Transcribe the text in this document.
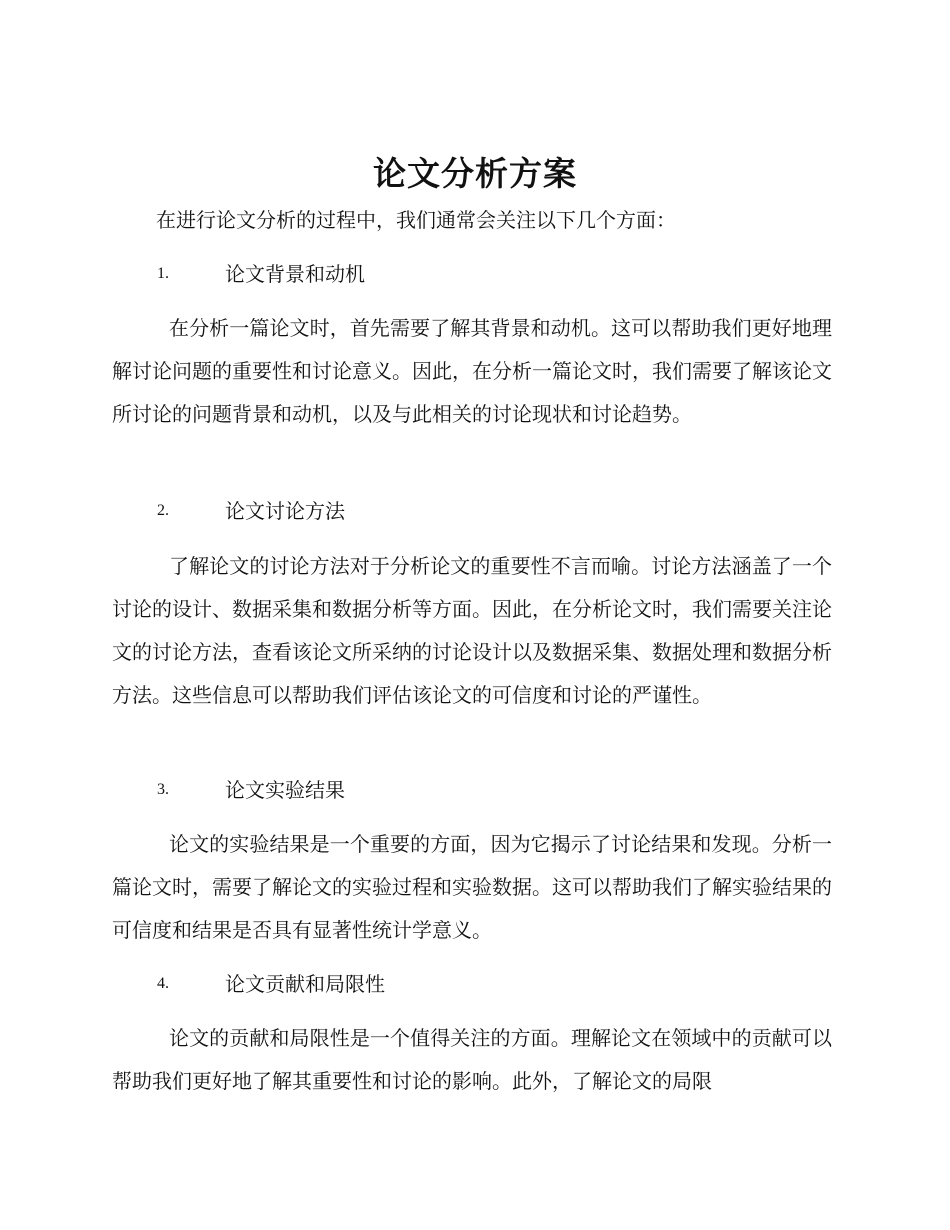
论文分析方案
在进行论文分析的过程中，我们通常会关注以下几个方面：
1.	论文背景和动机
在分析一篇论文时，首先需要了解其背景和动机。这可以帮助我们更好地理解讨论问题的重要性和讨论意义。因此，在分析一篇论文时，我们需要了解该论文所讨论的问题背景和动机，以及与此相关的讨论现状和讨论趋势。
2.	论文讨论方法
了解论文的讨论方法对于分析论文的重要性不言而喻。讨论方法涵盖了一个讨论的设计、数据采集和数据分析等方面。因此，在分析论文时，我们需要关注论文的讨论方法，查看该论文所采纳的讨论设计以及数据采集、数据处理和数据分析方法。这些信息可以帮助我们评估该论文的可信度和讨论的严谨性。
3.	论文实验结果
论文的实验结果是一个重要的方面，因为它揭示了讨论结果和发现。分析一篇论文时，需要了解论文的实验过程和实验数据。这可以帮助我们了解实验结果的可信度和结果是否具有显著性统计学意义。
4.	论文贡献和局限性
论文的贡献和局限性是一个值得关注的方面。理解论文在领域中的贡献可以帮助我们更好地了解其重要性和讨论的影响。此外，了解论文的局限
